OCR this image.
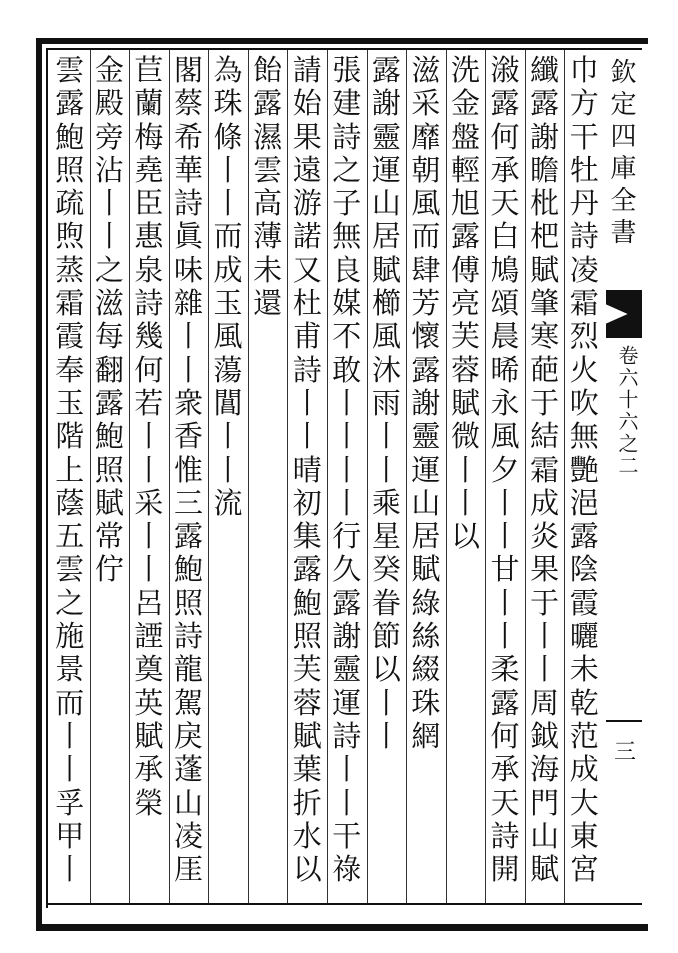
欽定四庫全書
卷六十六之二
三
巾
方
干
牡
丹
詩
凌
霜
烈
火
吹
無
艷
浥
露
陰
霞
曬
未
乾
范
成
大
東
宮
纖
露
謝
瞻
枇
杷
賦
肇
寒
葩
于
結
霜
成
炎
果
于
丨
丨
周
鉞
海
門
山
賦
潊
露
何
承
天
白
鳩
頌
晨
晞
永
風
夕
丨
丨
甘
丨
丨
柔
露
何
承
天
詩
開
洗
金
盤
輕
旭
露
傅
亮
芙
蓉
賦
微
丨
丨
以
滋
采
靡
朝
風
而
肆
芳
懷
露
謝
靈
運
山
居
賦
綠
絲
綴
珠
網
露
謝
靈
運
山
居
賦
櫛
風
沐
雨
丨
丨
乘
星
癸
眷
節
以
丨
丨
張
建
詩
之
子
無
良
媒
不
敢
丨
丨
丨
丨
行
久
露
謝
靈
運
詩
丨
丨
干
祿
請
始
果
遠
游
諾
又
杜
甫
詩
丨
丨
晴
初
集
露
鮑
照
芙
蓉
賦
葉
折
水
以
飴
露
濕
雲
高
薄
未
還
為
珠
條
丨
丨
而
成
玉
風
蕩
閶
丨
丨
流
閣
蔡
希
華
詩
眞
味
雜
丨
丨
衆
香
惟
三
露
鮑
照
詩
龍
駕
戾
蓬
山
凌
厓
苣
蘭
梅
堯
臣
惠
泉
詩
幾
何
若
丨
丨
采
丨
丨
呂
諲
奠
英
賦
承
榮
金
殿
旁
沾
丨
丨
之
滋
每
翻
露
鮑
照
賦
常
佇
雲
露
鮑
照
疏
煦
蒸
霜
霞
奉
玉
階
上
蔭
五
雲
之
施
景
而
丨
丨
孚
甲
丨
